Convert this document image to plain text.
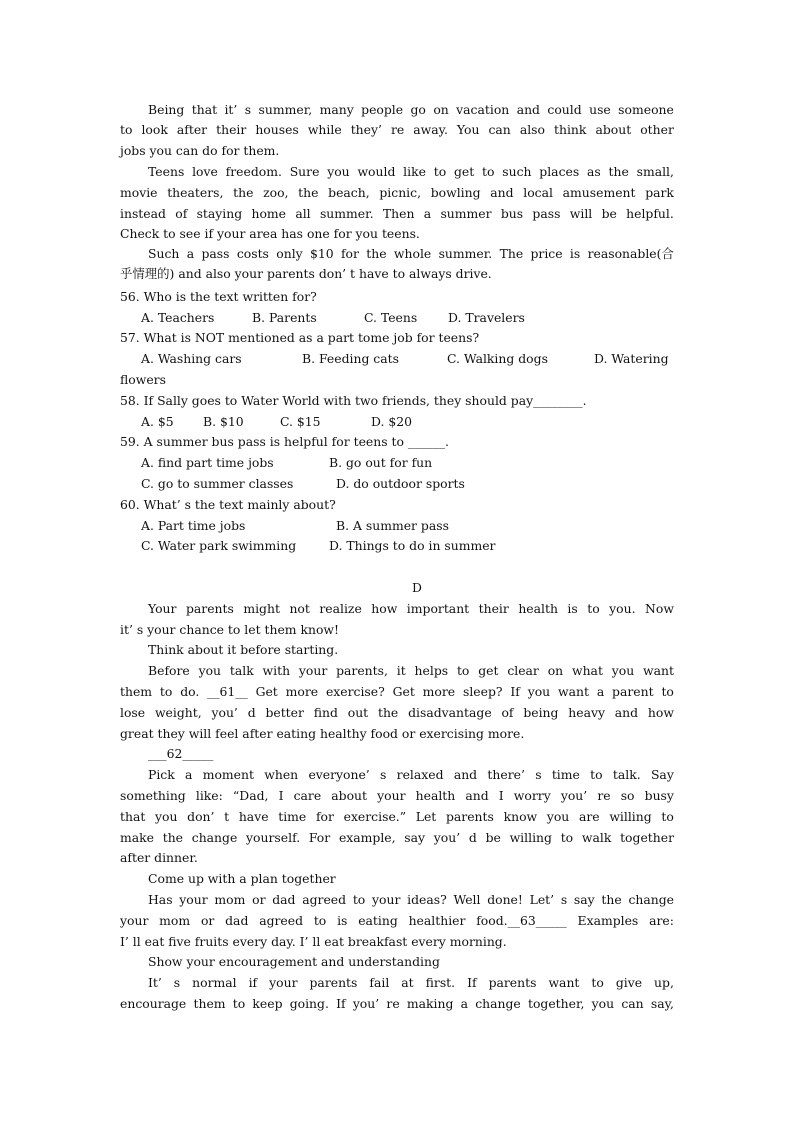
Being that it’ s summer, many people go on vacation and could use someone
to look after their houses while they’ re away. You can also think about other
jobs you can do for them.
Teens love freedom. Sure you would like to get to such places as the small,
movie theaters, the zoo, the beach, picnic, bowling and local amusement park
instead of staying home all summer. Then a summer bus pass will be helpful.
Check to see if your area has one for you teens.
Such a pass costs only $10 for the whole summer. The price is reasonable(合
乎情理的) and also your parents don’ t have to always drive.
56. Who is the text written for?
A. Teachers	B. Parents	C. Teens D. Travelers
57. What is NOT mentioned as a part tome job for teens?
A. Washing cars	B. Feeding cats	C. Walking dogs	D. Watering
flowers
58. If Sally goes to Water World with two friends, they should pay________.
A. $5 B. $10	C. $15	D. $20
59. A summer bus pass is helpful for teens to ______.
A. find part time jobs	B. go out for fun
C. go to summer classes	D. do outdoor sports
60. What’ s the text mainly about?
A. Part time jobs	B. A summer pass
C. Water park swimming	D. Things to do in summer
D
Your parents might not realize how important their health is to you. Now
it’ s your chance to let them know!
Think about it before starting.
Before you talk with your parents, it helps to get clear on what you want
them to do. __61__ Get more exercise? Get more sleep? If you want a parent to
lose weight, you’ d better find out the disadvantage of being heavy and how
great they will feel after eating healthy food or exercising more.
___62_____
Pick a moment when everyone’ s relaxed and there’ s time to talk. Say
something like: “Dad, I care about your health and I worry you’ re so busy
that you don’ t have time for exercise.” Let parents know you are willing to
make the change yourself. For example, say you’ d be willing to walk together
after dinner.
Come up with a plan together
Has your mom or dad agreed to your ideas? Well done! Let’ s say the change
your mom or dad agreed to is eating healthier food.__63_____ Examples are:
I’ ll eat five fruits every day. I’ ll eat breakfast every morning.
Show your encouragement and understanding
It’ s normal if your parents fail at first. If parents want to give up,
encourage them to keep going. If you’ re making a change together, you can say,
